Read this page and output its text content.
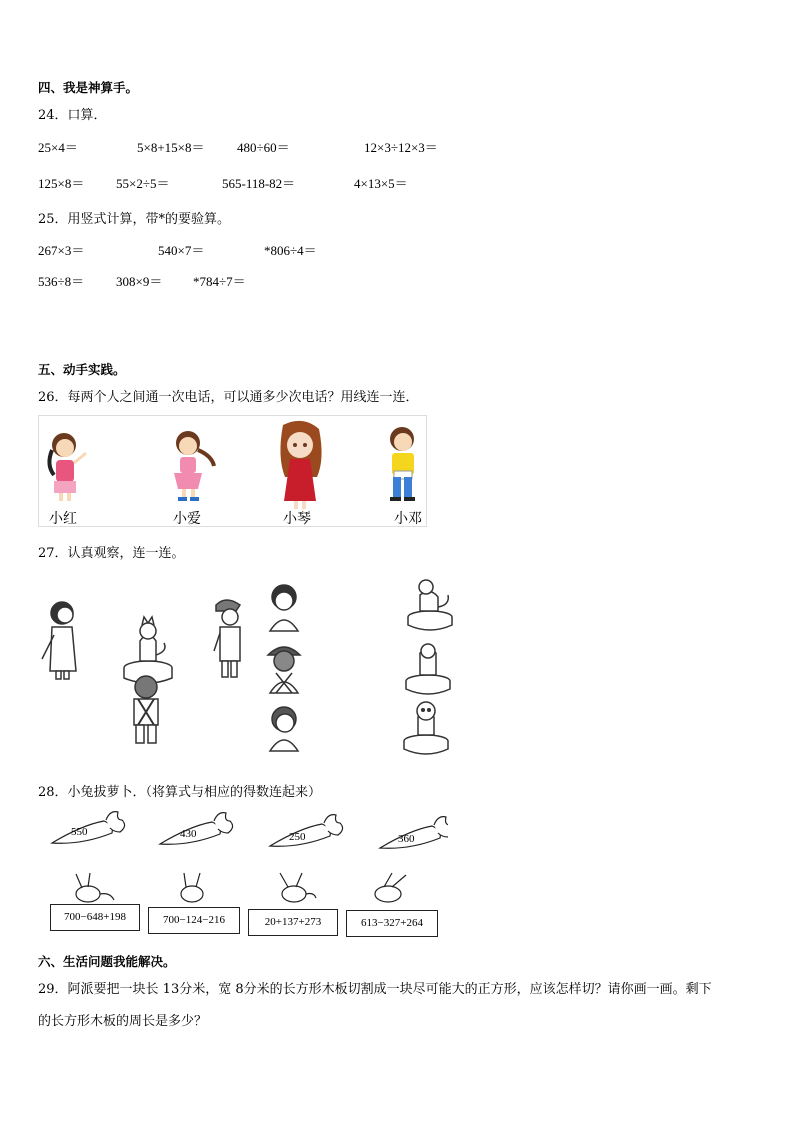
四、我是神算手。
24．口算．
25×4＝	5×8+15×8＝	480÷60＝	12×3÷12×3＝
125×8＝ 55×2÷5＝	565-118-82＝	4×13×5＝
25．用竖式计算，带*的要验算。
267×3＝	540×7＝	*806÷4＝
536÷8＝ 308×9＝ *784÷7＝
五、动手实践。
26．每两个人之间通一次电话，可以通多少次电话？用线连一连．
小红	小爱	小琴	小邓
27．认真观察，连一连。
28．小兔拔萝卜．（将算式与相应的得数连起来）
550	430	250	360
700−648+198	700−124−216	20+137+273	613−327+264
六、生活问题我能解决。
29．阿派要把一块长 13分米，宽 8分米的长方形木板切割成一块尽可能大的正方形，应该怎样切？请你画一画。剩下
的长方形木板的周长是多少？
